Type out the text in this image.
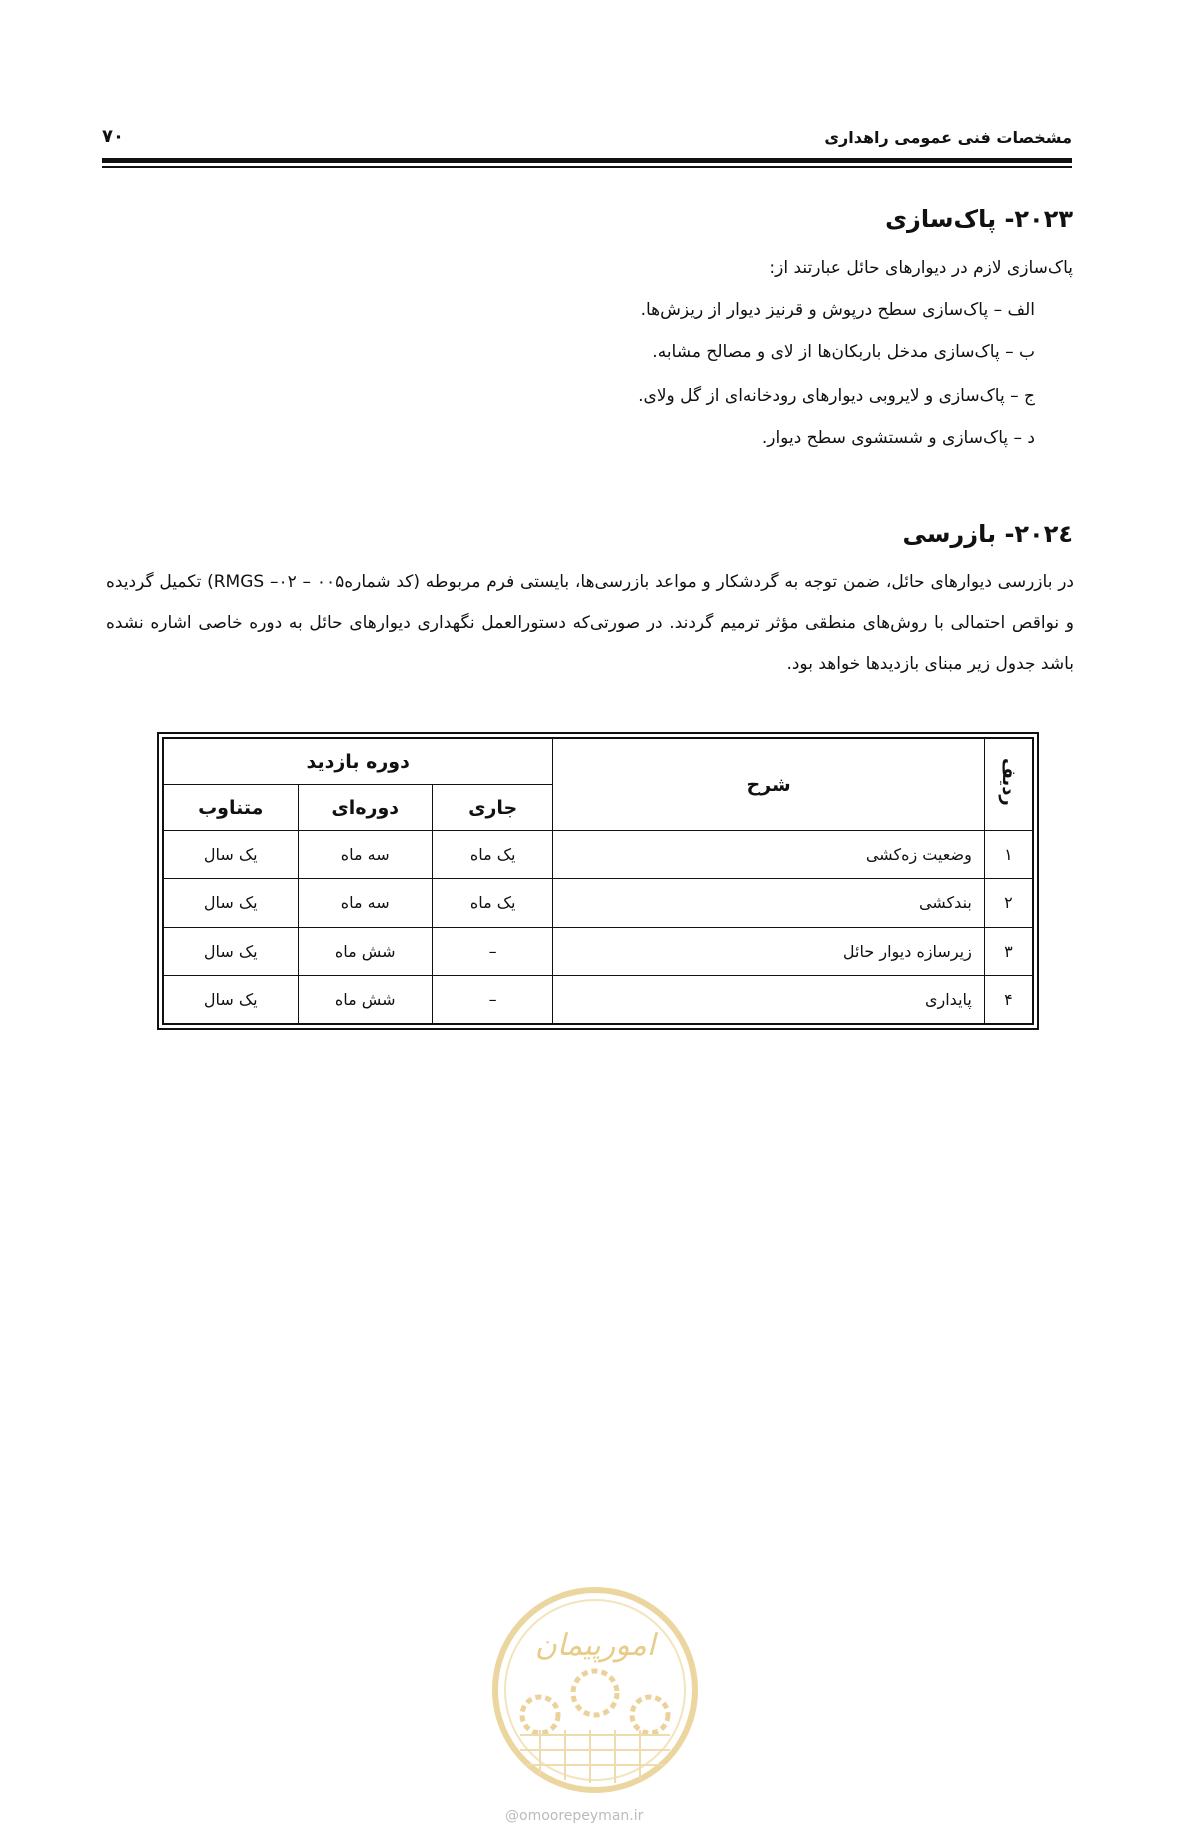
مشخصات فنی عمومی راهداری
۷۰
۲۰۲۳- پاک‌سازی
پاک‌سازی لازم در دیوارهای حائل عبارتند از:
الف – پاک‌سازی سطح درپوش و قرنیز دیوار از ریزش‌ها.
ب – پاک‌سازی مدخل باربکان‌ها از لای و مصالح مشابه.
ج – پاک‌سازی و لایروبی دیوارهای رودخانه‌ای از گل ولای.
د – پاک‌سازی و شستشوی سطح دیوار.
۲۰۲٤- بازرسی
در بازرسی دیوارهای حائل، ضمن توجه به گردشکار و مواعد بازرسی‌ها، بایستی فرم مربوطه (کد شماره۰۰۵ – ۰۲– RMGS) تکمیل گردیده و نواقص احتمالی با روش‌های منطقی مؤثر ترمیم گردند. در صورتی‌که دستورالعمل نگهداری دیوارهای حائل به دوره خاصی اشاره نشده باشد جدول زیر مبنای بازدیدها خواهد بود.
ردیف	شرح	دوره بازدید		
		جاری	دوره‌ای	متناوب
۱	وضعیت زه‌کشی	یک ماه	سه ماه	یک سال
۲	بندکشی	یک ماه	سه ماه	یک سال
۳	زیرسازه دیوار حائل	–	شش ماه	یک سال
۴	پایداری	–	شش ماه	یک سال
امورپیمان
@omoorepeyman.ir
